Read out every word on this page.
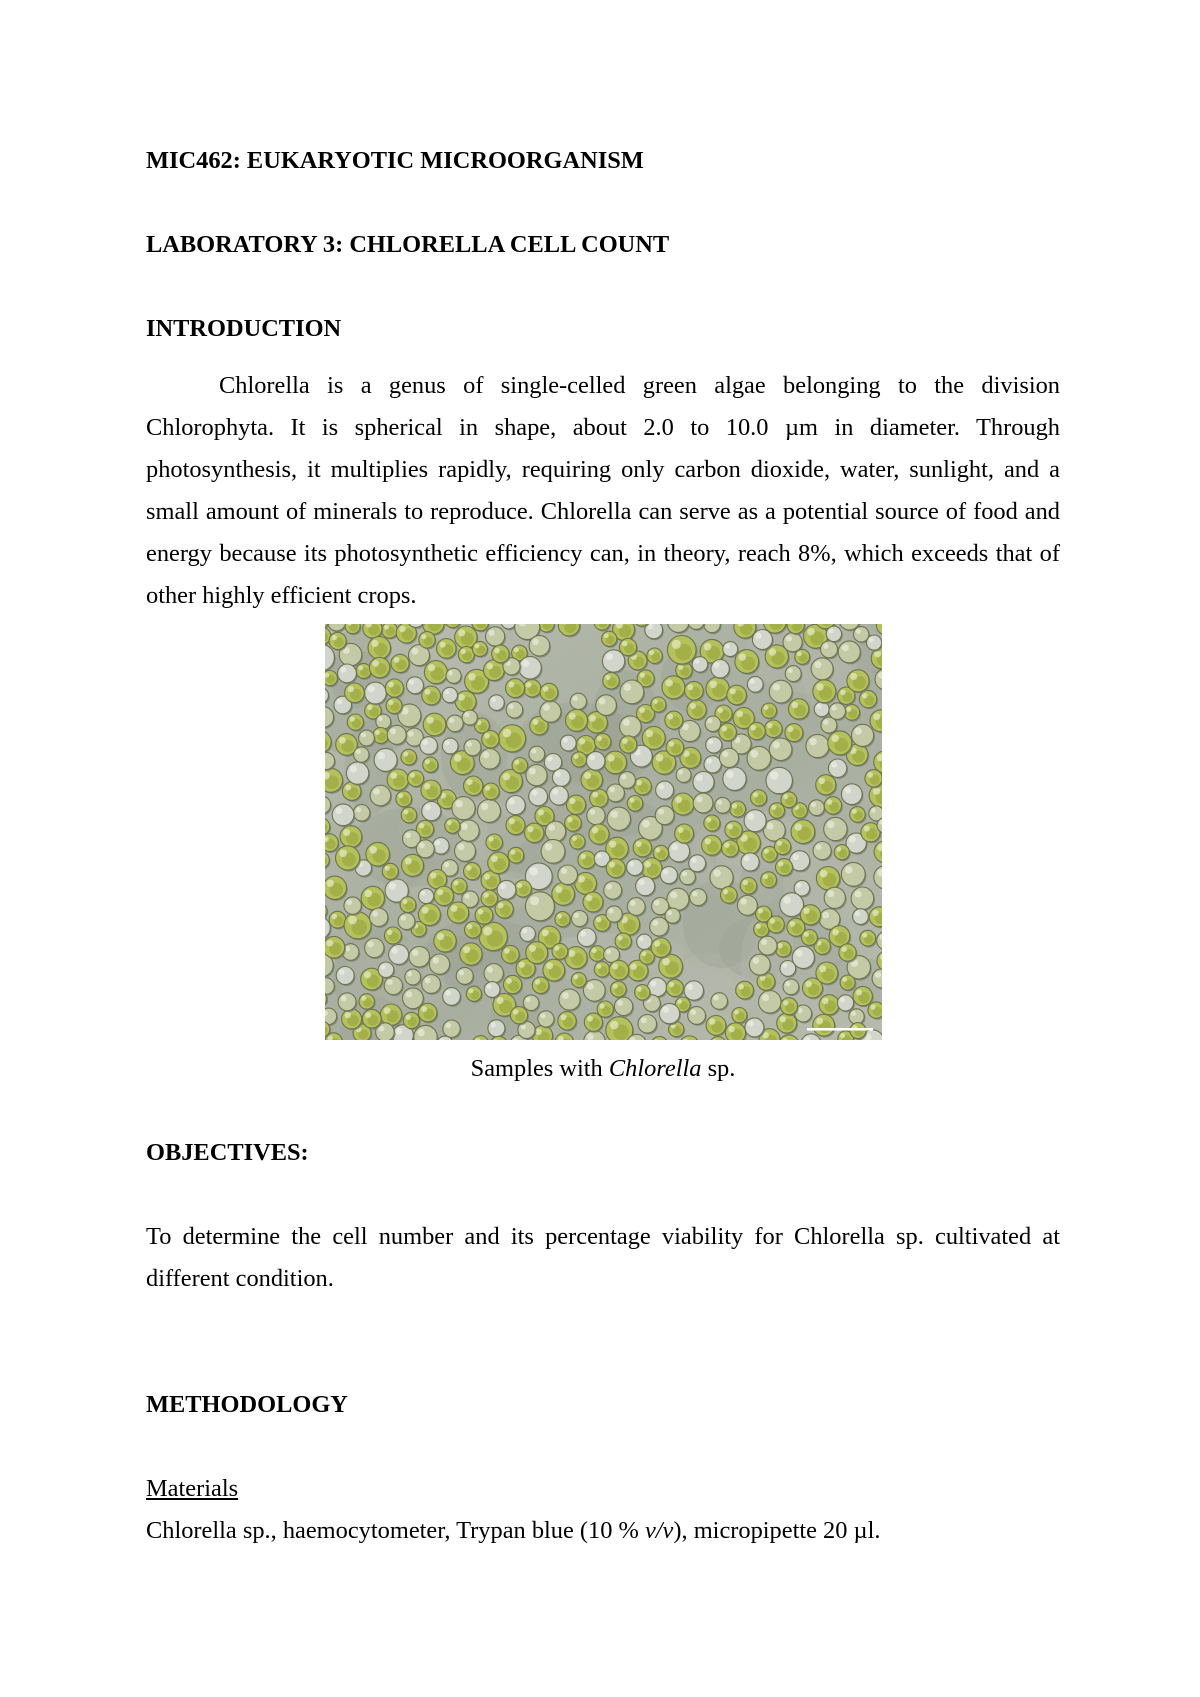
MIC462: EUKARYOTIC MICROORGANISM

LABORATORY 3: CHLORELLA CELL COUNT

INTRODUCTION

Chlorella is a genus of single-celled green algae belonging to the division Chlorophyta. It is spherical in shape, about 2.0 to 10.0 µm in diameter. Through photosynthesis, it multiplies rapidly, requiring only carbon dioxide, water, sunlight, and a small amount of minerals to reproduce. Chlorella can serve as a potential source of food and energy because its photosynthetic efficiency can, in theory, reach 8%, which exceeds that of other highly efficient crops.

Samples with Chlorella sp.

OBJECTIVES:

To determine the cell number and its percentage viability for Chlorella sp. cultivated at different condition.

METHODOLOGY

Materials

Chlorella sp., haemocytometer, Trypan blue (10 % v/v), micropipette 20 µl.
